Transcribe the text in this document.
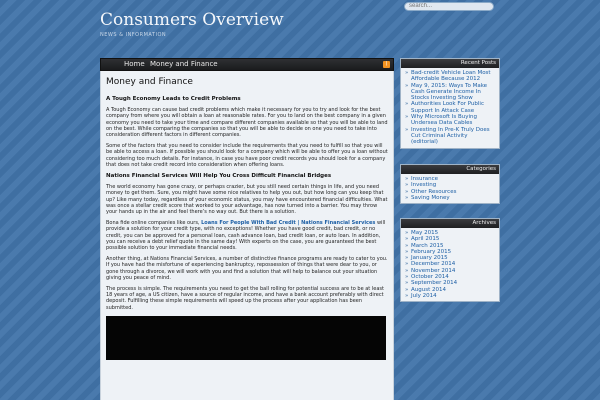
Consumers Overview
NEWS & INFORMATION
search...
Home Money and Finance	)
Money and Finance
A Tough Economy Leads to Credit Problems

A Tough Economy can cause bad credit problems which make it necessary for you to try and look for the best company from where you will obtain a loan at reasonable rates. For you to land on the best company in a given economy you need to take your time and compare different companies available so that you will be able to land on the best. While comparing the companies so that you will be able to decide on one you need to take into consideration different factors in different companies.

Some of the factors that you need to consider include the requirements that you need to fulfill so that you will be able to access a loan. If possible you should look for a company which will be able to offer you a loan without considering too much details. For instance, in case you have poor credit records you should look for a company that does not take credit record into consideration when offering loans.

Nations Financial Services Will Help You Cross Difficult Financial Bridges

The world economy has gone crazy, or perhaps crazier, but you still need certain things in life, and you need money to get them. Sure, you might have some nice relatives to help you out, but how long can you keep that up? Like many today, regardless of your economic status, you may have encountered financial difficulties. What was once a stellar credit score that worked to your advantage, has now turned into a barrier. You may throw your hands up in the air and feel there’s no way out. But there is a solution.

Bona fide online companies like ours, Loans For People With Bad Credit | Nations Financial Services will provide a solution for your credit type, with no exceptions! Whether you have good credit, bad credit, or no credit, you can be approved for a personal loan, cash advance loan, bad credit loan, or auto loan. In addition, you can receive a debt relief quote in the same day! With experts on the case, you are guaranteed the best possible solution to your immediate financial needs.

Another thing, at Nations Financial Services, a number of distinctive finance programs are ready to cater to you. If you have had the misfortune of experiencing bankruptcy, repossession of things that were dear to you, or gone through a divorce, we will work with you and find a solution that will help to balance out your situation giving you peace of mind.

The process is simple. The requirements you need to get the ball rolling for potential success are to be at least 18 years of age, a US citizen, have a source of regular income, and have a bank account preferably with direct deposit. Fulfilling these simple requirements will speed up the process after your application has been submitted.

Recent Posts
» Bad-credit Vehicle Loan Most Affordable Because 2012
» May 9, 2015: Ways To Make Cash Generate Income In Stocks Investing Show
» Authorities Look For Public Support In Attack Case
» Why Microsoft Is Buying Undersea Data Cables
» Investing In Pre-K Truly Does Cut Criminal Activity (editorial)
Categories
» Insurance
» Investing
» Other Resources
» Saving Money
Archives
» May 2015
» April 2015
» March 2015
» February 2015
» January 2015
» December 2014
» November 2014
» October 2014
» September 2014
» August 2014
» July 2014
